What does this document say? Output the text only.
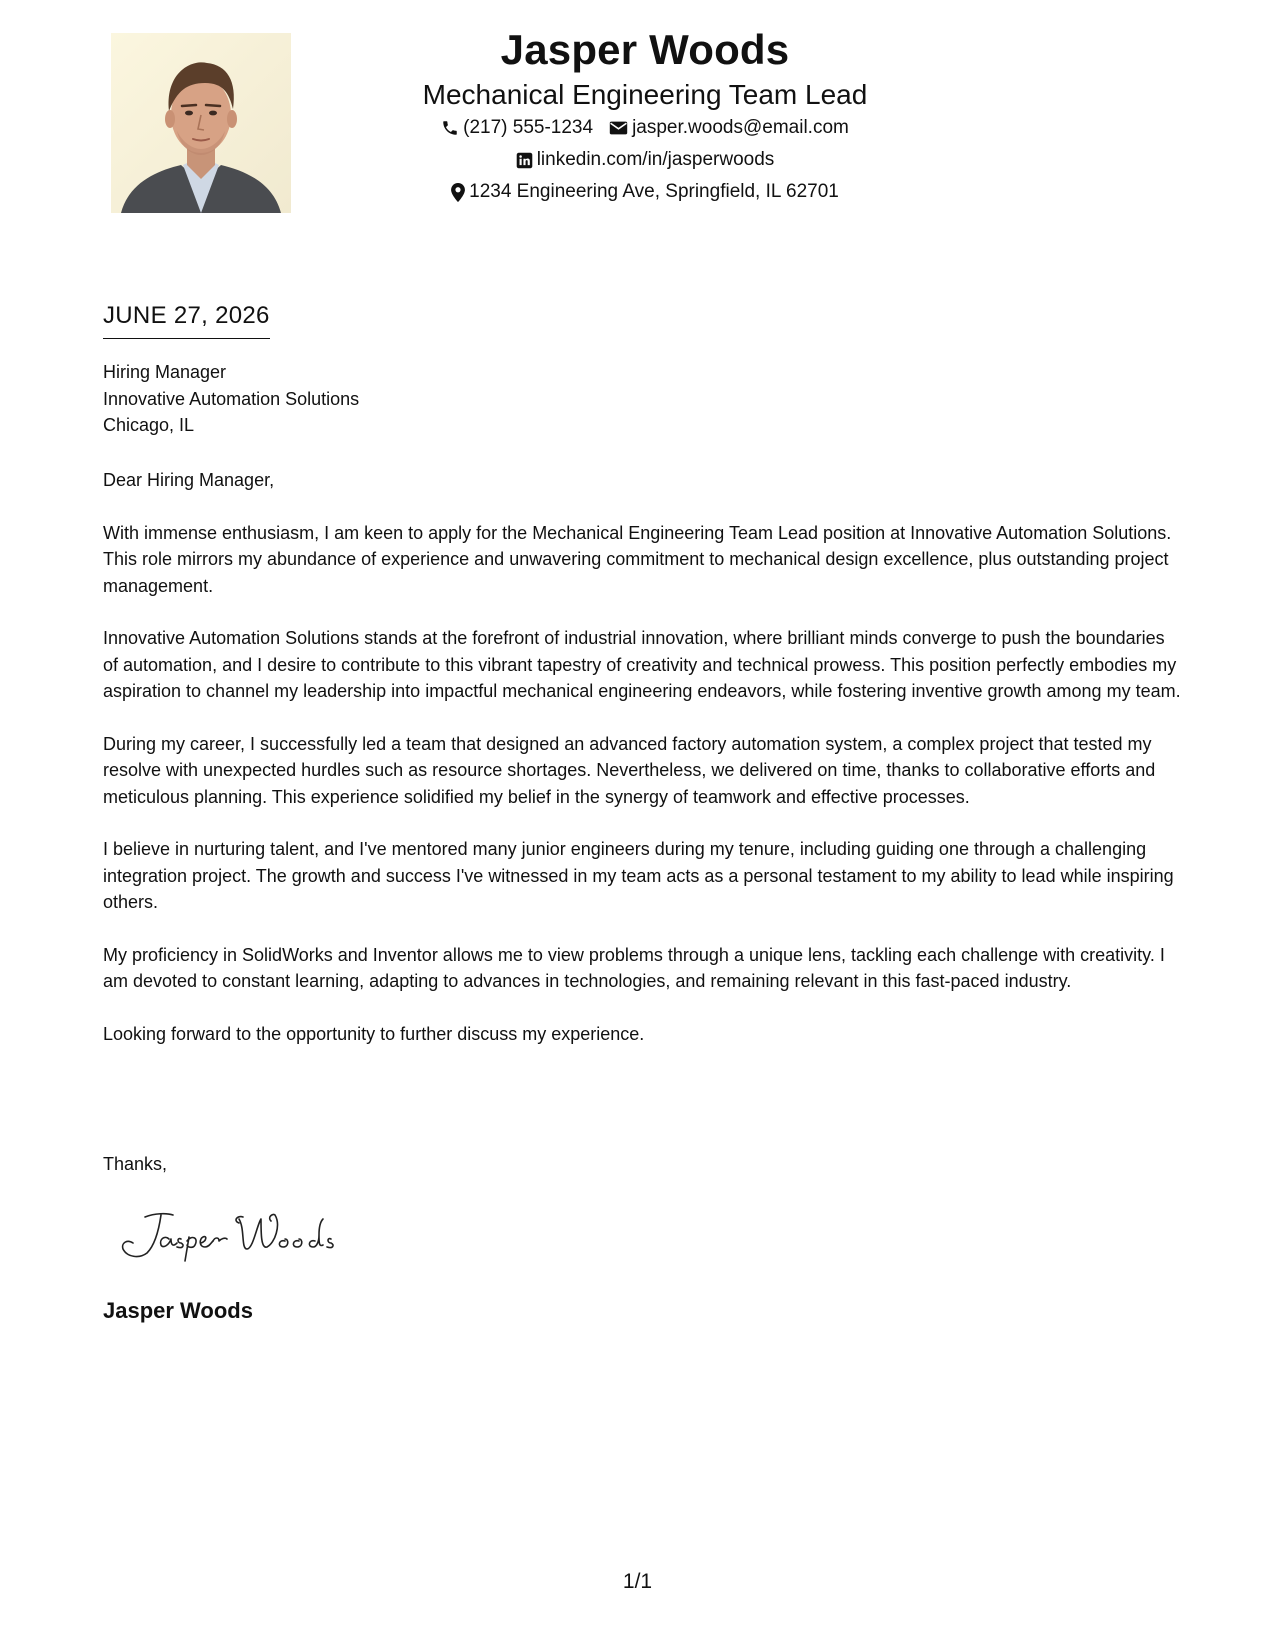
Jasper Woods
Mechanical Engineering Team Lead
(217) 555-1234 jasper.woods@email.com
linkedin.com/in/jasperwoods
1234 Engineering Ave, Springfield, IL 62701
JUNE 27, 2026
Hiring Manager
Innovative Automation Solutions
Chicago, IL

Dear Hiring Manager,

With immense enthusiasm, I am keen to apply for the Mechanical Engineering Team Lead position at Innovative Automation Solutions. This role mirrors my abundance of experience and unwavering commitment to mechanical design excellence, plus outstanding project management.

Innovative Automation Solutions stands at the forefront of industrial innovation, where brilliant minds converge to push the boundaries of automation, and I desire to contribute to this vibrant tapestry of creativity and technical prowess. This position perfectly embodies my aspiration to channel my leadership into impactful mechanical engineering endeavors, while fostering inventive growth among my team.

During my career, I successfully led a team that designed an advanced factory automation system, a complex project that tested my resolve with unexpected hurdles such as resource shortages. Nevertheless, we delivered on time, thanks to collaborative efforts and meticulous planning. This experience solidified my belief in the synergy of teamwork and effective processes.

I believe in nurturing talent, and I've mentored many junior engineers during my tenure, including guiding one through a challenging integration project. The growth and success I've witnessed in my team acts as a personal testament to my ability to lead while inspiring others.

My proficiency in SolidWorks and Inventor allows me to view problems through a unique lens, tackling each challenge with creativity. I am devoted to constant learning, adapting to advances in technologies, and remaining relevant in this fast-paced industry.

Looking forward to the opportunity to further discuss my experience.

Thanks,
Jasper Woods
1/1
